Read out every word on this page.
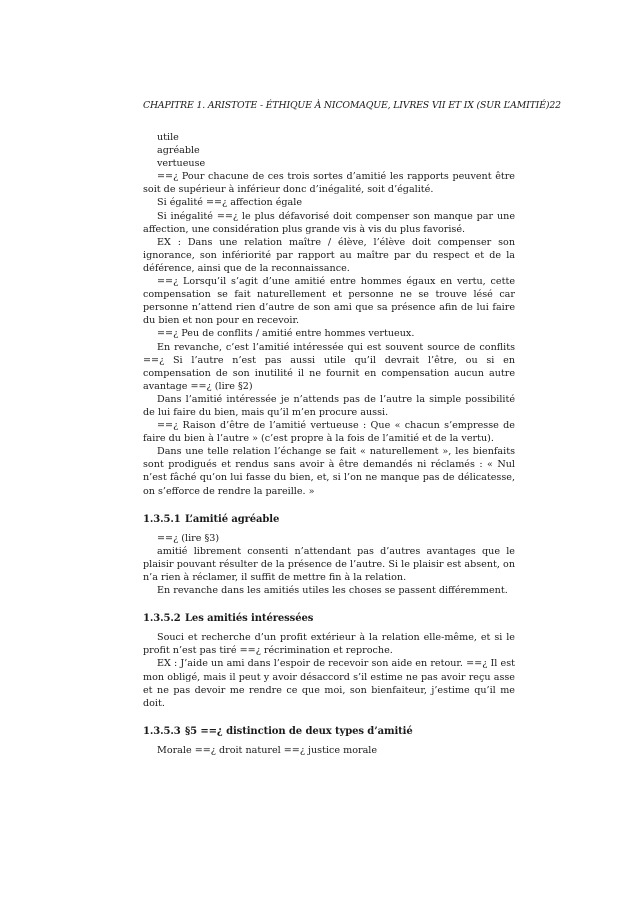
CHAPITRE 1. ARISTOTE - ÉTHIQUE À NICOMAQUE, LIVRES VII ET IX (SUR L’AMITIÉ) 22
utile
agréable
vertueuse

==¿ Pour chacune de ces trois sortes d’amitié les rapports peuvent être soit de supérieur à inférieur donc d’inégalité, soit d’égalité.

Si égalité ==¿ affection égale

Si inégalité ==¿ le plus défavorisé doit compenser son manque par une affection, une considération plus grande vis à vis du plus favorisé.

EX : Dans une relation maître / élève, l’élève doit compenser son ignorance, son infériorité par rapport au maître par du respect et de la déférence, ainsi que de la reconnaissance.

==¿ Lorsqu’il s’agit d’une amitié entre hommes égaux en vertu, cette compensation se fait naturellement et personne ne se trouve lésé car personne n’attend rien d’autre de son ami que sa présence afin de lui faire du bien et non pour en recevoir.

==¿ Peu de conflits / amitié entre hommes vertueux.

En revanche, c’est l’amitié intéressée qui est souvent source de conflits ==¿ Si l’autre n’est pas aussi utile qu’il devrait l’être, ou si en compensation de son inutilité il ne fournit en compensation aucun autre avantage ==¿ (lire §2)

Dans l’amitié intéressée je n’attends pas de l’autre la simple possibilité de lui faire du bien, mais qu’il m’en procure aussi.

==¿ Raison d’être de l’amitié vertueuse : Que « chacun s’empresse de faire du bien à l’autre » (c’est propre à la fois de l’amitié et de la vertu).

Dans une telle relation l’échange se fait « naturellement », les bienfaits sont prodigués et rendus sans avoir à être demandés ni réclamés : « Nul n’est fâché qu’on lui fasse du bien, et, si l’on ne manque pas de délicatesse, on s’efforce de rendre la pareille. »

1.3.5.1 L’amitié agréable

==¿ (lire §3)

amitié librement consenti n’attendant pas d’autres avantages que le plaisir pouvant résulter de la présence de l’autre. Si le plaisir est absent, on n’a rien à réclamer, il suffit de mettre fin à la relation.

En revanche dans les amitiés utiles les choses se passent différemment.

1.3.5.2 Les amitiés intéressées

Souci et recherche d’un profit extérieur à la relation elle-même, et si le profit n’est pas tiré ==¿ récrimination et reproche.

EX : J’aide un ami dans l’espoir de recevoir son aide en retour. ==¿ Il est mon obligé, mais il peut y avoir désaccord s’il estime ne pas avoir reçu asse et ne pas devoir me rendre ce que moi, son bienfaiteur, j’estime qu’il me doit.

1.3.5.3 §5 ==¿ distinction de deux types d’amitié

Morale ==¿ droit naturel ==¿ justice morale
